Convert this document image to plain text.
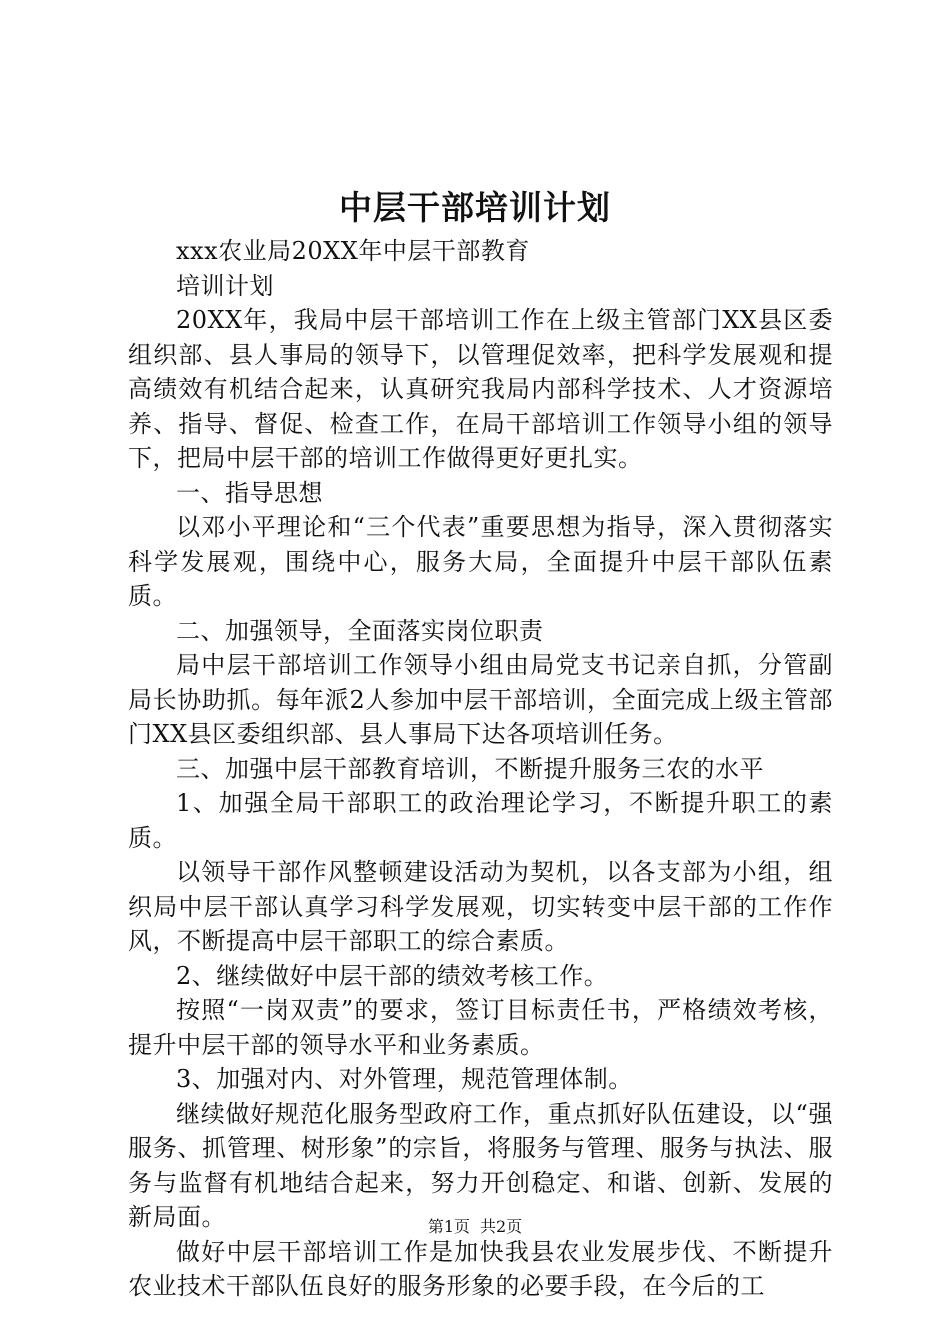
中层干部培训计划

xxx农业局20XX年中层干部教育

培训计划

20XX年，我局中层干部培训工作在上级主管部门XX县区委组织部、县人事局的领导下，以管理促效率，把科学发展观和提高绩效有机结合起来，认真研究我局内部科学技术、人才资源培养、指导、督促、检查工作，在局干部培训工作领导小组的领导下，把局中层干部的培训工作做得更好更扎实。

一、指导思想

以邓小平理论和“三个代表”重要思想为指导，深入贯彻落实科学发展观，围绕中心，服务大局，全面提升中层干部队伍素质。

二、加强领导，全面落实岗位职责

局中层干部培训工作领导小组由局党支书记亲自抓，分管副局长协助抓。每年派2人参加中层干部培训，全面完成上级主管部门XX县区委组织部、县人事局下达各项培训任务。

三、加强中层干部教育培训，不断提升服务三农的水平

1、加强全局干部职工的政治理论学习，不断提升职工的素质。

以领导干部作风整顿建设活动为契机，以各支部为小组，组织局中层干部认真学习科学发展观，切实转变中层干部的工作作风，不断提高中层干部职工的综合素质。

2、继续做好中层干部的绩效考核工作。

按照“一岗双责”的要求，签订目标责任书，严格绩效考核，提升中层干部的领导水平和业务素质。

3、加强对内、对外管理，规范管理体制。

继续做好规范化服务型政府工作，重点抓好队伍建设，以“强服务、抓管理、树形象”的宗旨，将服务与管理、服务与执法、服务与监督有机地结合起来，努力开创稳定、和谐、创新、发展的新局面。

做好中层干部培训工作是加快我县农业发展步伐、不断提升农业技术干部队伍良好的服务形象的必要手段，在今后的工

第1页 共2页
